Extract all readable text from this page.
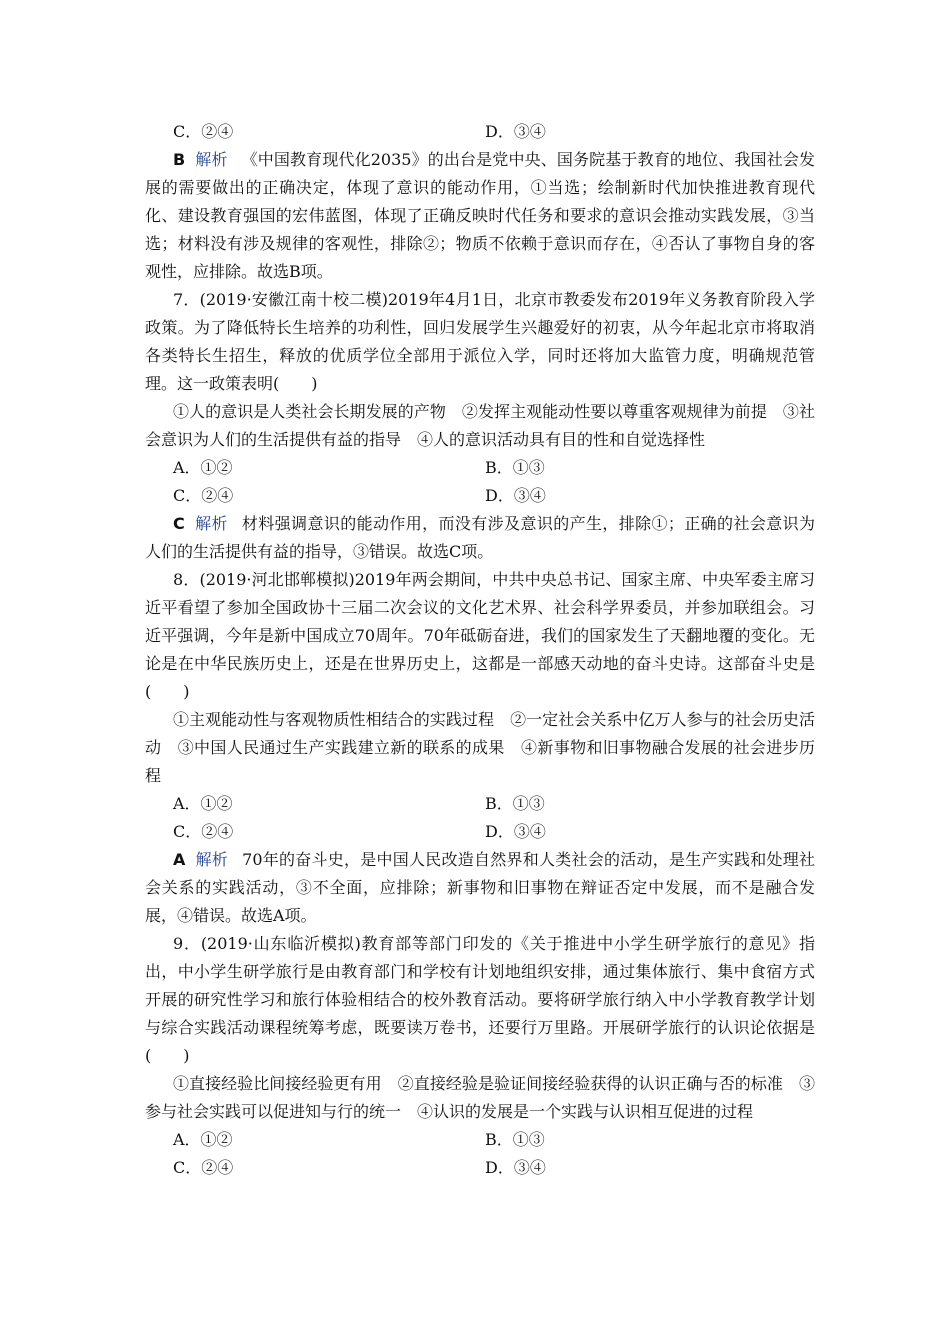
C．②④	D．③④

B 解析 《中国教育现代化2035》的出台是党中央、国务院基于教育的地位、我国社会发展的需要做出的正确决定，体现了意识的能动作用，①当选；绘制新时代加快推进教育现代化、建设教育强国的宏伟蓝图，体现了正确反映时代任务和要求的意识会推动实践发展，③当选；材料没有涉及规律的客观性，排除②；物质不依赖于意识而存在，④否认了事物自身的客观性，应排除。故选B项。

7．(2019·安徽江南十校二模)2019年4月1日，北京市教委发布2019年义务教育阶段入学政策。为了降低特长生培养的功利性，回归发展学生兴趣爱好的初衷，从今年起北京市将取消各类特长生招生，释放的优质学位全部用于派位入学，同时还将加大监管力度，明确规范管理。这一政策表明(　　)

①人的意识是人类社会长期发展的产物　②发挥主观能动性要以尊重客观规律为前提　③社会意识为人们的生活提供有益的指导　④人的意识活动具有目的性和自觉选择性

A．①②	B．①③
C．②④	D．③④

C 解析 材料强调意识的能动作用，而没有涉及意识的产生，排除①；正确的社会意识为人们的生活提供有益的指导，③错误。故选C项。

8．(2019·河北邯郸模拟)2019年两会期间，中共中央总书记、国家主席、中央军委主席习近平看望了参加全国政协十三届二次会议的文化艺术界、社会科学界委员，并参加联组会。习近平强调，今年是新中国成立70周年。70年砥砺奋进，我们的国家发生了天翻地覆的变化。无论是在中华民族历史上，还是在世界历史上，这都是一部感天动地的奋斗史诗。这部奋斗史是(　　)

①主观能动性与客观物质性相结合的实践过程　②一定社会关系中亿万人参与的社会历史活动　③中国人民通过生产实践建立新的联系的成果　④新事物和旧事物融合发展的社会进步历程

A．①②	B．①③
C．②④	D．③④

A 解析 70年的奋斗史，是中国人民改造自然界和人类社会的活动，是生产实践和处理社会关系的实践活动，③不全面，应排除；新事物和旧事物在辩证否定中发展，而不是融合发展，④错误。故选A项。

9．(2019·山东临沂模拟)教育部等部门印发的《关于推进中小学生研学旅行的意见》指出，中小学生研学旅行是由教育部门和学校有计划地组织安排，通过集体旅行、集中食宿方式开展的研究性学习和旅行体验相结合的校外教育活动。要将研学旅行纳入中小学教育教学计划与综合实践活动课程统筹考虑，既要读万卷书，还要行万里路。开展研学旅行的认识论依据是(　　)

①直接经验比间接经验更有用　②直接经验是验证间接经验获得的认识正确与否的标准　③参与社会实践可以促进知与行的统一　④认识的发展是一个实践与认识相互促进的过程

A．①②	B．①③
C．②④	D．③④
